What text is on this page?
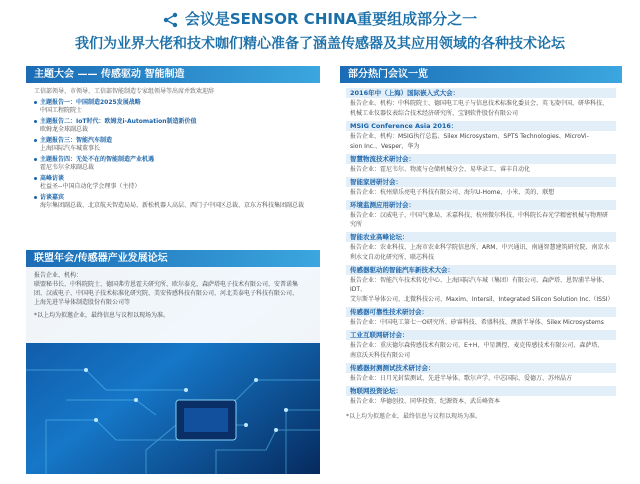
会议是SENSOR CHINA重要组成部分之一
我们为业界大佬和技术咖们精心准备了涵盖传感器及其应用领域的各种技术论坛
主题大会 —— 传感驱动 智能制造
工信部领导、市领导、工信部智能制造专家组领导等出席并致欢迎辞
主题报告一：中国制造2025发展战略
中国工程院院士
主题报告二：IoT时代：欧姆龙i-Automation制造新价值
欧姆龙全球副总裁
主题报告三：智能汽车制造
上海国际汽车城董事长
主题报告四：无处不在的智能制造产业机遇
霍尼韦尔全球副总裁
高峰访谈
杜益圣--中国自动化学会理事（主持）
访谈嘉宾
海尔集团副总裁、北京航天智造局局、新松机器人高层、西门子中国区总裁、京东方科技集团副总裁
联盟年会/传感器产业发展论坛
报告企业、机构：
联盟秘书长、中科院院士、德国弗劳恩霍夫研究所、欧尔泰克、森萨塔电子技术有限公司、安普诺集
团、汉威电子、中国电子技术标准化研究院、美安传感科技有限公司、河北美泰电子科技有限公司、
上海先进半导体制造股份有限公司等
*以上均为拟邀企业，最终信息与议程以现场为准。
部分热门会议一览
2016年中（上海）国际嵌入式大会：
报告企业、机构：中科院院士、德国电工电子与信息技术标准化委员会、英飞凌中国、研华科技、
机械工业仪器仪表综合技术经济研究所、宝钢软件股份有限公司
MSIG Conference Asia 2016：
报告企业、机构：MSIG执行总监、Silex Microsystem、SPTS Technologies、MicroVi-
sion Inc.、Vesper、华为
智慧物流技术研讨会：
报告企业：霍尼韦尔、物流与仓储机械分会、易华录工、睿丰自动化
智能家居研讨会：
报告企业：杭州鼎乐亮电子科技有限公司、海尔U-Home、小米、美的、联想
环境监测应用研讨会：
报告企业：汉威电子、中国气象局、禾嘉科技、杭州微尔科技、中科院长春光学精密机械与物理研究所
智能农业高峰论坛：
报告企业：农业科技、上海市农业科学院信息所、ARM、中兴通讯、南通智慧建筑研究院、南京水
利水文自动化研究所、联芯科技
传感器驱动的智能汽车新技术大会：
报告企业：智能汽车技术转化中心、上海国际汽车城（集团）有限公司、森萨塔、恩智浦半导体、IDT、
艾尔斯半导体公司、北微科技公司、Maxim、Intersil、Integrated Silicon Solution Inc.（ISSI）
传感器可靠性技术研讨会：
报告企业：中国电工第七一O研究所、矽睿科技、希盛科技、澳新半导体、Silex Microsystems
工业互联网研讨会：
报告企业：重庆德尔森传感技术有限公司、E+H、中星测控、麦克传感技术有限公司、森萨塔、
南京沃天科技有限公司
传感器封测测试技术研讨会：
报告企业：日月光封装测试、先进半导体、歌尔声学、中芯国际、爱德万、苏州晶方
物联网投资论坛：
报告企业：华德创投、同华投资、纪源资本、武岳峰资本
*以上均为拟邀企业，最终信息与议程以现场为准。
